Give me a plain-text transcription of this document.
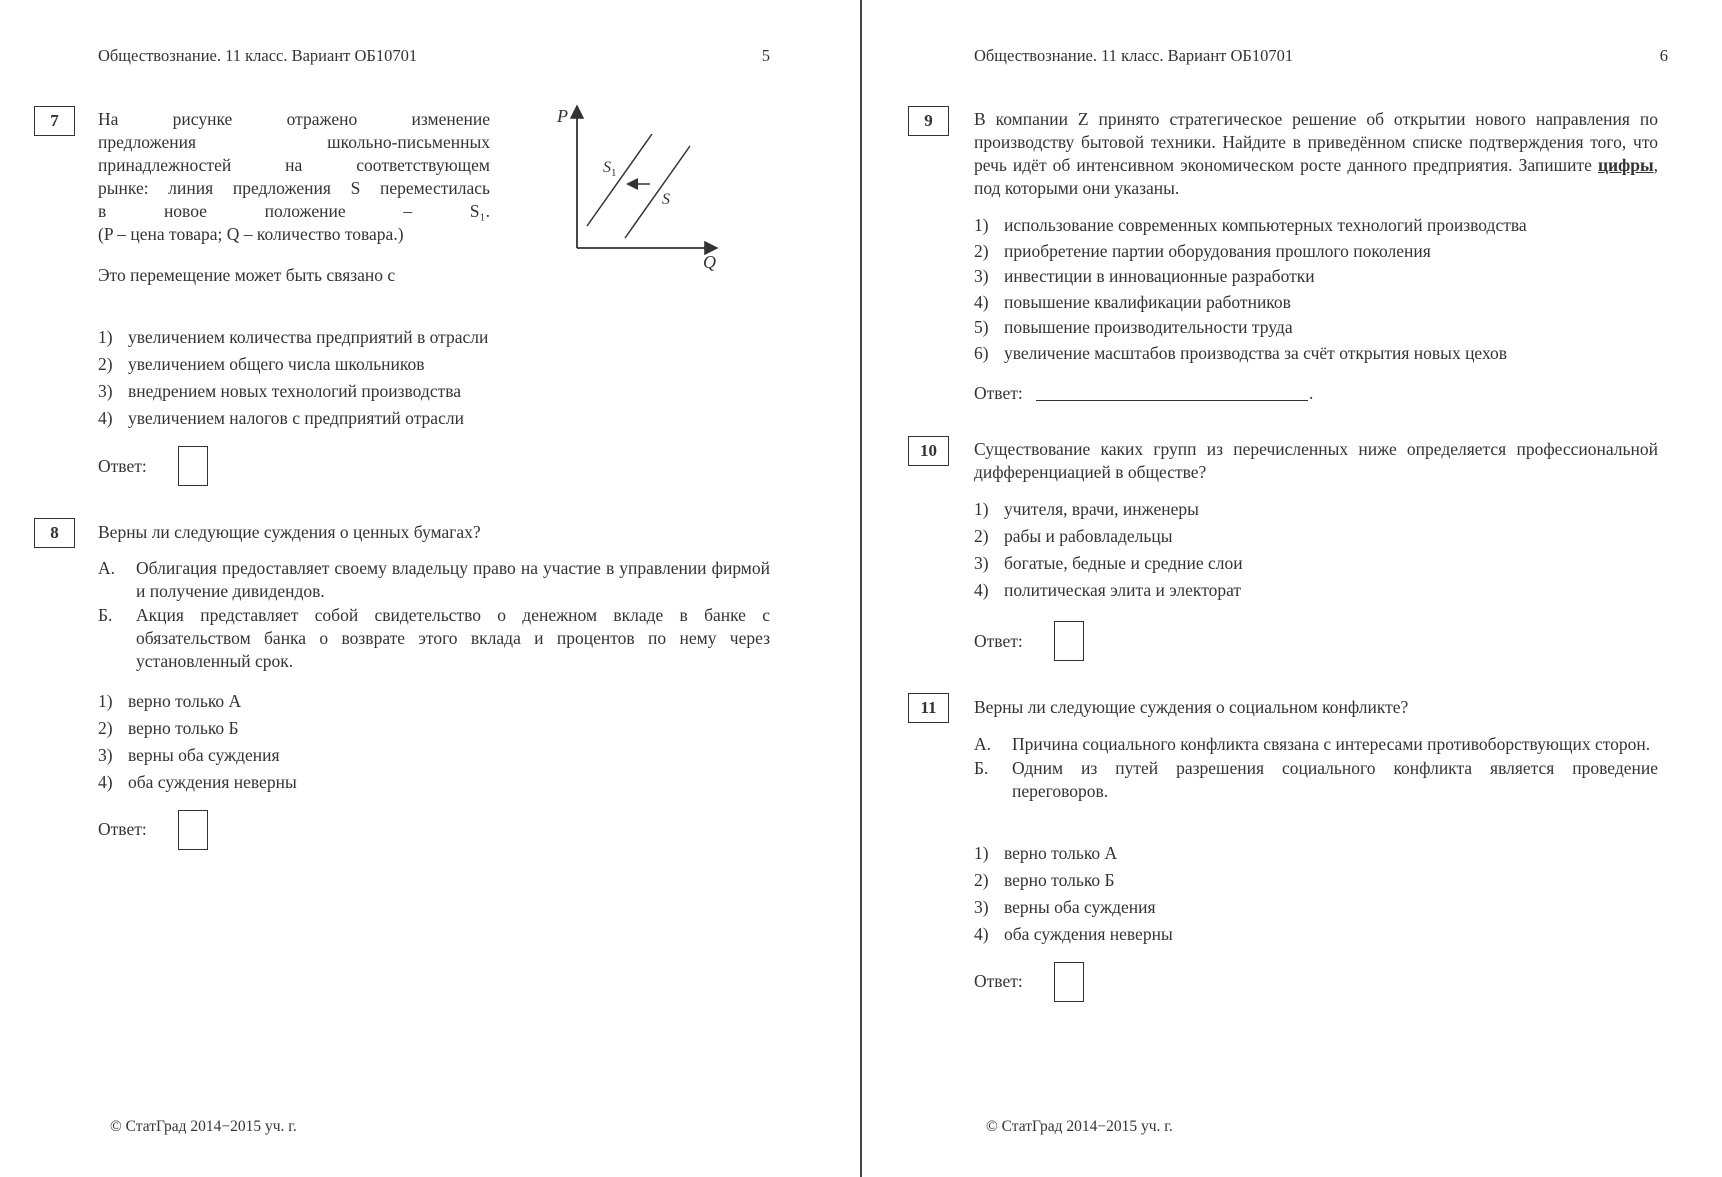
Обществознание. 11 класс. Вариант ОБ10701	5
7	На рисунке отражено изменение
предложения школьно-письменных
принадлежностей на соответствующем
рынке: линия предложения S переместилась
в новое положение – S₁.
(P – цена товара; Q – количество товара.)
P
Q
$S_1$
S
Это перемещение может быть связано с
1) увеличением количества предприятий в отрасли
2) увеличением общего числа школьников
3) внедрением новых технологий производства
4) увеличением налогов с предприятий отрасли
Ответ:
8	Верны ли следующие суждения о ценных бумагах?
А.	Облигация предоставляет своему владельцу право на участие в управлении фирмой и получение дивидендов.
Б.	Акция представляет собой свидетельство о денежном вкладе в банке с обязательством банка о возврате этого вклада и процентов по нему через установленный срок.
1) верно только А
2) верно только Б
3) верны оба суждения
4) оба суждения неверны
Ответ:
© СтатГрад 2014−2015 уч. г.
Обществознание. 11 класс. Вариант ОБ10701	6
9	В компании Z принято стратегическое решение об открытии нового направления по производству бытовой техники. Найдите в приведённом списке подтверждения того, что речь идёт об интенсивном экономическом росте данного предприятия. Запишите цифры, под которыми они указаны.
1) использование современных компьютерных технологий производства
2) приобретение партии оборудования прошлого поколения
3) инвестиции в инновационные разработки
4) повышение квалификации работников
5) повышение производительности труда
6) увеличение масштабов производства за счёт открытия новых цехов
Ответ:	.
10	Существование каких групп из перечисленных ниже определяется профессиональной дифференциацией в обществе?
1) учителя, врачи, инженеры
2) рабы и рабовладельцы
3) богатые, бедные и средние слои
4) политическая элита и электорат
Ответ:
11	Верны ли следующие суждения о социальном конфликте?
А.	Причина социального конфликта связана с интересами противоборствующих сторон.
Б.	Одним из путей разрешения социального конфликта является проведение переговоров.
1) верно только А
2) верно только Б
3) верны оба суждения
4) оба суждения неверны
Ответ:
© СтатГрад 2014−2015 уч. г.
